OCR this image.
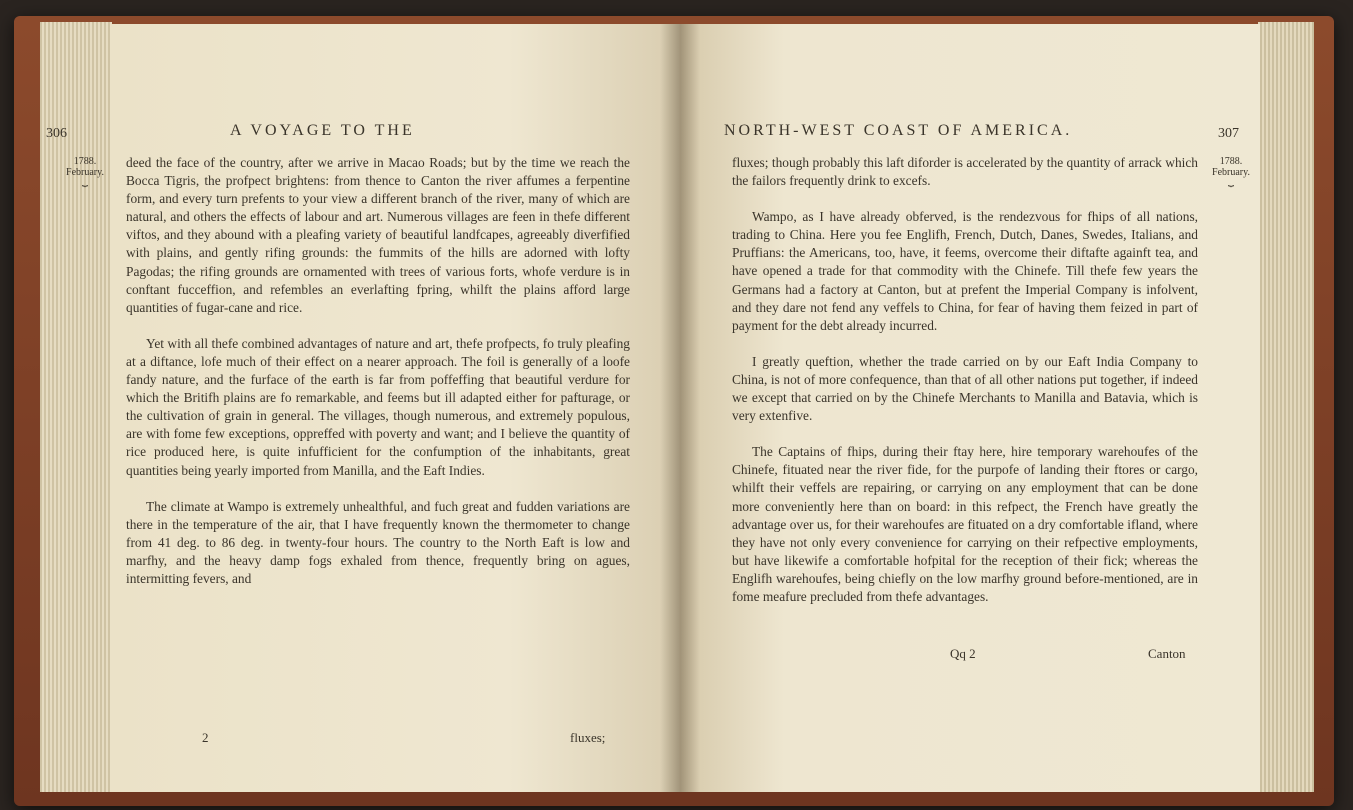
306	A VOYAGE TO THE
1788.
February.
⏟

deed the face of the country, after we arrive in Macao Roads; but by the time we reach the Bocca Tigris, the profpect brightens: from thence to Canton the river affumes a ferpentine form, and every turn prefents to your view a different branch of the river, many of which are natural, and others the effects of labour and art. Numerous villages are feen in thefe different viftos, and they abound with a pleafing variety of beautiful landfcapes, agreeably diverfified with plains, and gently rifing grounds: the fummits of the hills are adorned with lofty Pagodas; the rifing grounds are ornamented with trees of various forts, whofe verdure is in conftant fucceffion, and refembles an everlafting fpring, whilft the plains afford large quantities of fugar-cane and rice.

Yet with all thefe combined advantages of nature and art, thefe profpects, fo truly pleafing at a diftance, lofe much of their effect on a nearer approach. The foil is generally of a loofe fandy nature, and the furface of the earth is far from poffeffing that beautiful verdure for which the Britifh plains are fo remarkable, and feems but ill adapted either for pafturage, or the cultivation of grain in general. The villages, though numerous, and extremely populous, are with fome few exceptions, oppreffed with poverty and want; and I believe the quantity of rice produced here, is quite infufficient for the confumption of the inhabitants, great quantities being yearly imported from Manilla, and the Eaft Indies.

The climate at Wampo is extremely unhealthful, and fuch great and fudden variations are there in the temperature of the air, that I have frequently known the thermometer to change from 41 deg. to 86 deg. in twenty-four hours. The country to the North Eaft is low and marfhy, and the heavy damp fogs exhaled from thence, frequently bring on agues, intermitting fevers, and

2	fluxes;
NORTH-WEST COAST OF AMERICA.	307
1788.
February.
⏟

fluxes; though probably this laft diforder is accelerated by the quantity of arrack which the failors frequently drink to excefs.

Wampo, as I have already obferved, is the rendezvous for fhips of all nations, trading to China. Here you fee Englifh, French, Dutch, Danes, Swedes, Italians, and Pruffians: the Americans, too, have, it feems, overcome their diftafte againft tea, and have opened a trade for that commodity with the Chinefe. Till thefe few years the Germans had a factory at Canton, but at prefent the Imperial Company is infolvent, and they dare not fend any veffels to China, for fear of having them feized in part of payment for the debt already incurred.

I greatly queftion, whether the trade carried on by our Eaft India Company to China, is not of more confequence, than that of all other nations put together, if indeed we except that carried on by the Chinefe Merchants to Manilla and Batavia, which is very extenfive.

The Captains of fhips, during their ftay here, hire temporary warehoufes of the Chinefe, fituated near the river fide, for the purpofe of landing their ftores or cargo, whilft their veffels are repairing, or carrying on any employment that can be done more conveniently here than on board: in this refpect, the French have greatly the advantage over us, for their warehoufes are fituated on a dry comfortable ifland, where they have not only every convenience for carrying on their refpective employments, but have likewife a comfortable hofpital for the reception of their fick; whereas the Englifh warehoufes, being chiefly on the low marfhy ground before-mentioned, are in fome meafure precluded from thefe advantages.

Qq 2	Canton
